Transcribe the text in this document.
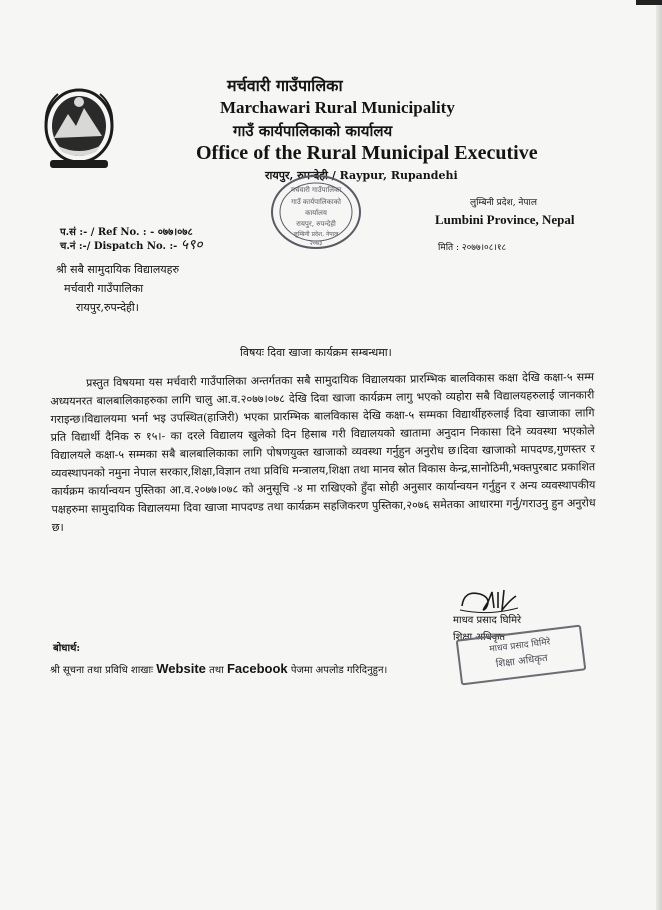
मर्चवारी गाउँपालिका
Marchawari Rural Municipality
गाउँ कार्यपालिकाको कार्यालय
Office of the Rural Municipal Executive
रायपुर, रुपन्देही / Raypur, Rupandehi
लुम्बिनी प्रदेश, नेपाल
Lumbini Province, Nepal
मिति : २०७७।०८।१८
प.सं :- / Ref No. : - ०७७।०७८
च.नं :-/ Dispatch No. :- ५९०
मर्चवारी गाउँपालिका
गाउँ कार्यपालिकाको
कार्यालय
रायपुर, रुपन्देही
लुम्बिनी प्रदेश, नेपाल
२०७३
श्री सबै सामुदायिक विद्यालयहरु
मर्चवारी गाउँपालिका
रायपुर,रुपन्देही।
विषयः दिवा खाजा कार्यक्रम सम्बन्धमा।

प्रस्तुत विषयमा यस मर्चवारी गाउँपालिका अन्तर्गतका सबै सामुदायिक विद्यालयका प्रारम्भिक बालविकास कक्षा देखि कक्षा-५ सम्म अध्ययनरत बालबालिकाहरुका लागि चालु आ.व.२०७७।०७८ देखि दिवा खाजा कार्यक्रम लागु भएको व्यहोरा सबै विद्यालयहरुलाई जानकारी गराइन्छ।विद्यालयमा भर्ना भइ उपस्थित(हाजिरी) भएका प्रारम्भिक बालविकास देखि कक्षा-५ सम्मका विद्यार्थीहरुलाई दिवा खाजाका लागि प्रति विद्यार्थी दैनिक रु १५।- का दरले विद्यालय खुलेको दिन हिसाब गरी विद्यालयको खातामा अनुदान निकासा दिने व्यवस्था भएकोले विद्यालयले कक्षा-५ सम्मका सबै बालबालिकाका लागि पोषणयुक्त खाजाको व्यवस्था गर्नुहुन अनुरोध छ।दिवा खाजाको मापदण्ड,गुणस्तर र व्यवस्थापनको नमुना नेपाल सरकार,शिक्षा,विज्ञान तथा प्रविधि मन्त्रालय,शिक्षा तथा मानव स्रोत विकास केन्द्र,सानोठिमी,भक्तपुरबाट प्रकाशित कार्यक्रम कार्यान्वयन पुस्तिका आ.व.२०७७।०७८ को अनुसूचि -४ मा राखिएको हुँदा सोही अनुसार कार्यान्वयन गर्नुहुन र अन्य व्यवस्थापकीय पक्षहरुमा सामुदायिक विद्यालयमा दिवा खाजा मापदण्ड तथा कार्यक्रम सहजिकरण पुस्तिका,२०७६ समेतका आधारमा गर्नु/गराउनु हुन अनुरोध छ।

माधव प्रसाद घिमिरे
शिक्षा अधिकृत
माधव प्रसाद घिमिरे
शिक्षा अधिकृत
बोधार्थ:
श्री सूचना तथा प्रविधि शाखाः Website तथा Facebook पेजमा अपलोड गरिदिनुहुन।
